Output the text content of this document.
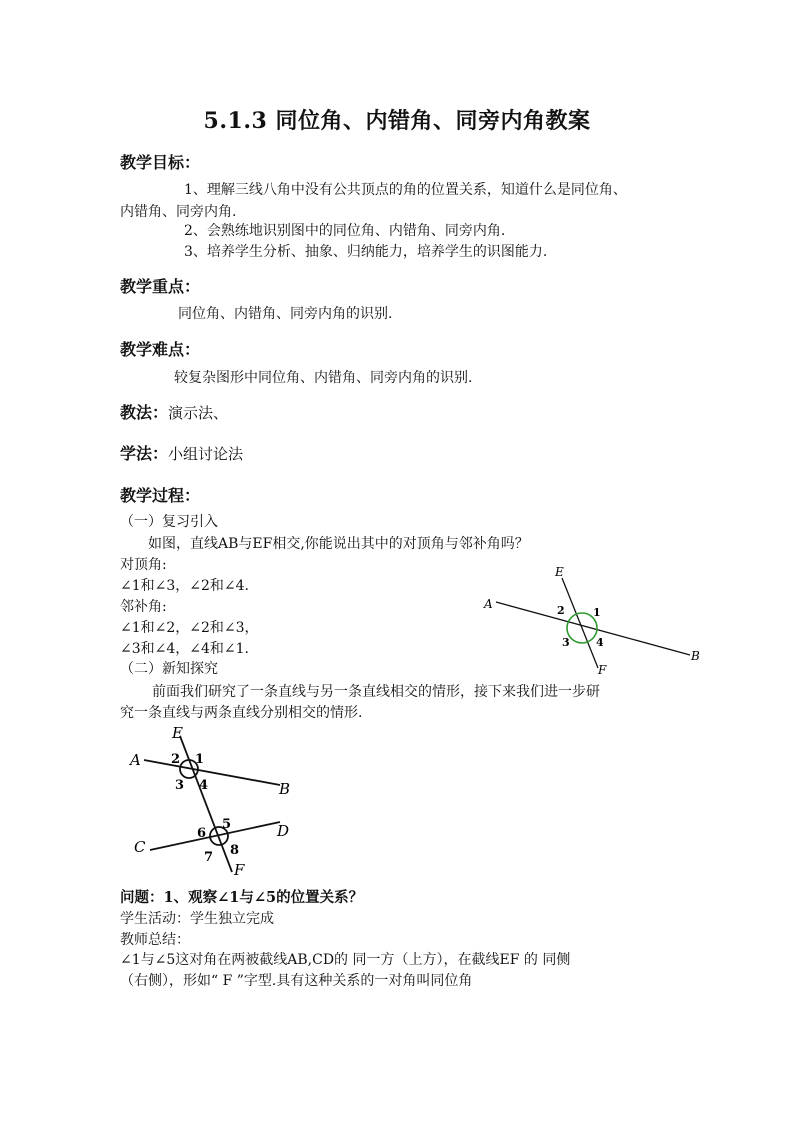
5.1.3 同位角、内错角、同旁内角教案
教学目标：
1、理解三线八角中没有公共顶点的角的位置关系，知道什么是同位角、
内错角、同旁内角.
2、会熟练地识别图中的同位角、内错角、同旁内角.
3、培养学生分析、抽象、归纳能力，培养学生的识图能力.
教学重点：
同位角、内错角、同旁内角的识别.
教学难点：
较复杂图形中同位角、内错角、同旁内角的识别.
教法：演示法、
学法：小组讨论法
教学过程：
（一）复习引入
如图，直线AB与EF相交,你能说出其中的对顶角与邻补角吗？
对顶角:
∠1和∠3，∠2和∠4.
邻补角:
∠1和∠2，∠2和∠3，
∠3和∠4，∠4和∠1.
（二）新知探究
前面我们研究了一条直线与另一条直线相交的情形，接下来我们进一步研
究一条直线与两条直线分别相交的情形.
A
B
E
F
1
2
3 4
A
B
C
D
E
F
1
2
3 4
5
6
7 8
问题：1、观察∠1与∠5的位置关系？
学生活动：学生独立完成
教师总结：
∠1与∠5这对角在两被截线AB,CD的 同一方（上方），在截线EF 的 同侧
（右侧），形如“ F ”字型.具有这种关系的一对角叫同位角
